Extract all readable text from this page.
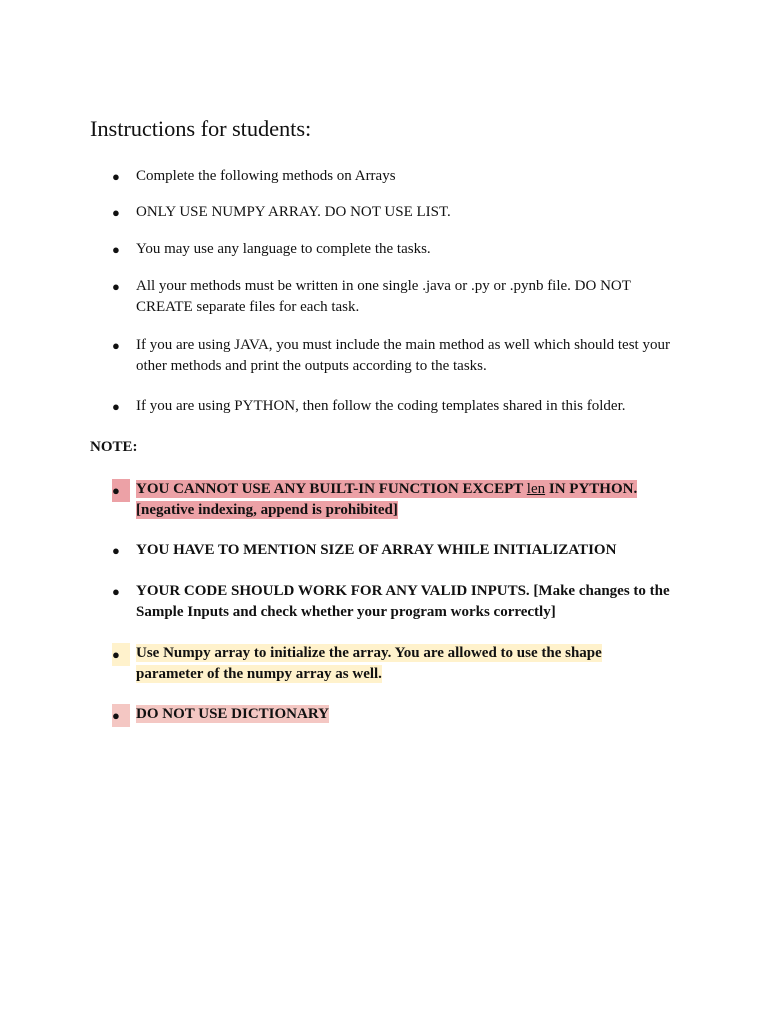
Instructions for students:
●	Complete the following methods on Arrays
●	ONLY USE NUMPY ARRAY. DO NOT USE LIST.
●	You may use any language to complete the tasks.
●	All your methods must be written in one single .java or .py or .pynb file. DO NOT CREATE separate files for each task.
●	If you are using JAVA, you must include the main method as well which should test your other methods and print the outputs according to the tasks.
●	If you are using PYTHON, then follow the coding templates shared in this folder.

NOTE:

●	YOU CANNOT USE ANY BUILT-IN FUNCTION EXCEPT len IN PYTHON. [negative indexing, append is prohibited]
●	YOU HAVE TO MENTION SIZE OF ARRAY WHILE INITIALIZATION
●	YOUR CODE SHOULD WORK FOR ANY VALID INPUTS. [Make changes to the Sample Inputs and check whether your program works correctly]
●	Use Numpy array to initialize the array. You are allowed to use the shape parameter of the numpy array as well.
●	DO NOT USE DICTIONARY
